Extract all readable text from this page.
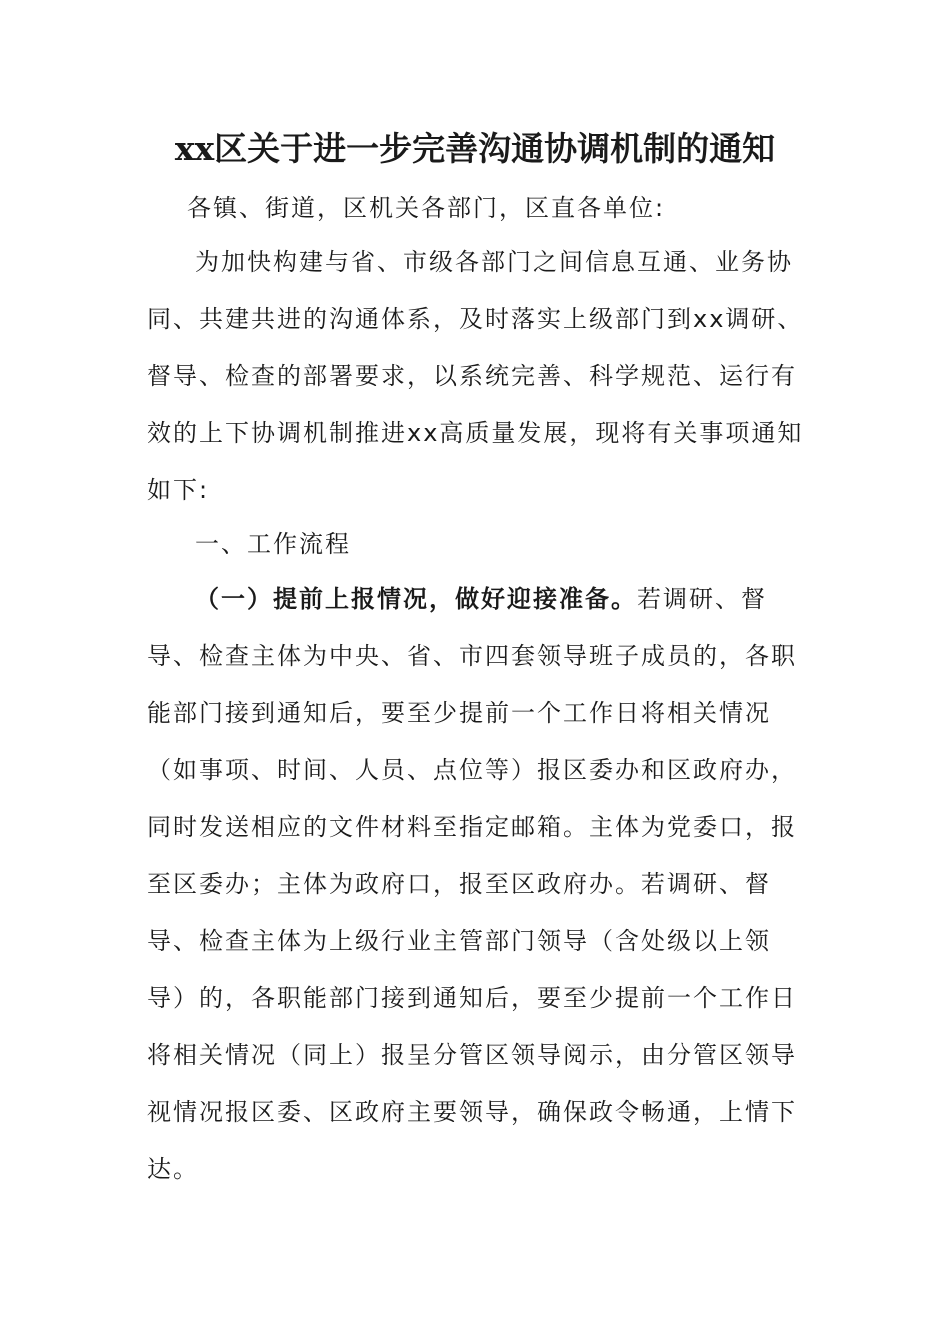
xx区关于进一步完善沟通协调机制的通知

各镇、街道，区机关各部门，区直各单位:

为加快构建与省、市级各部门之间信息互通、业务协同、共建共进的沟通体系，及时落实上级部门到xx调研、督导、检查的部署要求，以系统完善、科学规范、运行有效的上下协调机制推进xx高质量发展，现将有关事项通知如下:

一、工作流程

（一）提前上报情况，做好迎接准备。若调研、督导、检查主体为中央、省、市四套领导班子成员的，各职能部门接到通知后，要至少提前一个工作日将相关情况（如事项、时间、人员、点位等）报区委办和区政府办，同时发送相应的文件材料至指定邮箱。主体为党委口，报至区委办；主体为政府口，报至区政府办。若调研、督导、检查主体为上级行业主管部门领导（含处级以上领导）的，各职能部门接到通知后，要至少提前一个工作日将相关情况（同上）报呈分管区领导阅示，由分管区领导视情况报区委、区政府主要领导，确保政令畅通，上情下达。
